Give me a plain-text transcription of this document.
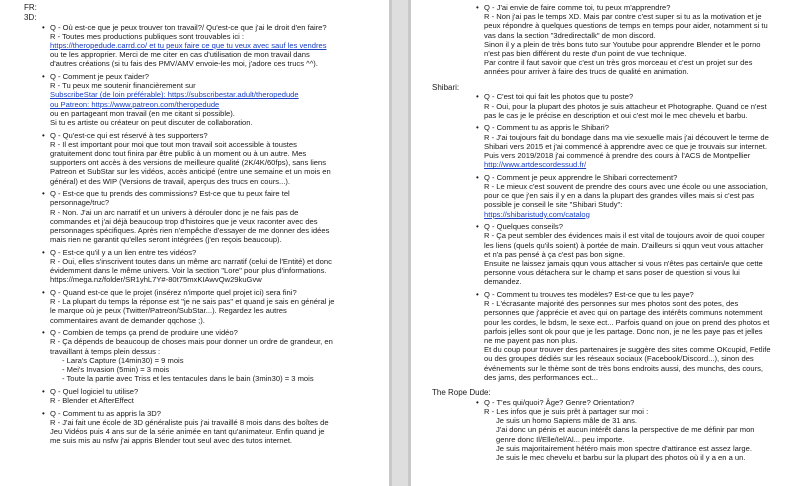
FR:
3D:
• Q - Où est-ce que je peux trouver ton travail?/ Qu'est-ce que j'ai le droit d'en faire?
R - Toutes mes productions publiques sont trouvables ici :
https://theropedude.carrd.co/ et tu peux faire ce que tu veux avec sauf les vendres
ou te les approprier. Merci de me citer en cas d'utilisation de mon travail dans
d'autres créations (si tu fais des PMV/AMV envoie-les moi, j'adore ces trucs ^^).
• Q - Comment je peux t'aider?
R - Tu peux me soutenir financièrement sur
SubscribeStar (de loin préférable): https://subscribestar.adult/theropedude
ou Patreon: https://www.patreon.com/theropedude
ou en partageant mon travail (en me citant si possible).
Si tu es artiste ou créateur on peut discuter de collaboration.
• Q - Qu'est-ce qui est réservé à tes supporters?
R - Il est important pour moi que tout mon travail soit accessible à toustes
gratuitement donc tout finira par être public à un moment ou à un autre. Mes
supporters ont accès à des versions de meilleure qualité (2K/4K/60fps), sans liens
Patreon et SubStar sur les vidéos, accès anticipé (entre une semaine et un mois en
général) et des WIP (Versions de travail, aperçus des trucs en cours...).
• Q - Est-ce que tu prends des commissions? Est-ce que tu peux faire tel
personnage/truc?
R - Non. J'ai un arc narratif et un univers à dérouler donc je ne fais pas de
commandes et j'ai déjà beaucoup trop d'histoires que je veux raconter avec des
personnages spécifiques. Après rien n'empêche d'essayer de me donner des idées
mais rien ne garantit qu'elles seront intégrées (j'en reçois beaucoup).
• Q - Est-ce qu'il y a un lien entre tes vidéos?
R - Oui, elles s'inscrivent toutes dans un même arc narratif (celui de l'Entité) et donc
évidemment dans le même univers. Voir la section "Lore" pour plus d'informations.
https://mega.nz/folder/SR1yhL7Y#-80t75mxKIAwvQw29kuGvw
• Q - Quand est-ce que le projet (insérez n'importe quel projet ici) sera fini?
R - La plupart du temps la réponse est "je ne sais pas" et quand je sais en général je
le marque où je peux (Twitter/Patreon/SubStar...). Regardez les autres
commentaires avant de demander qqchose ;).
• Q - Combien de temps ça prend de produire une vidéo?
R - Ça dépends de beaucoup de choses mais pour donner un ordre de grandeur, en
travaillant à temps plein dessus :
- Lara's Capture (14min30) = 9 mois
- Mei's Invasion (5min) = 3 mois
- Toute la partie avec Triss et les tentacules dans le bain (3min30) = 3 mois
• Q - Quel logiciel tu utilise?
R - Blender et AfterEffect
• Q - Comment tu as appris la 3D?
R - J'ai fait une école de 3D généraliste puis j'ai travaillé 8 mois dans des boîtes de
Jeu Vidéos puis 4 ans sur de la série animée en tant qu'animateur. Enfin quand je
me suis mis au nsfw j'ai appris Blender tout seul avec des tutos internet.
• Q - J'ai envie de faire comme toi, tu peux m'apprendre?
R - Non j'ai pas le temps XD. Mais par contre c'est super si tu as la motivation et je
peux répondre à quelques questions de temps en temps pour aider, notamment si tu
vas dans la section "3dredirectalk" de mon discord.
Sinon il y a plein de très bons tuto sur Youtube pour apprendre Blender et le porno
n'est pas bien différent du reste d'un point de vue technique.
Par contre il faut savoir que c'est un très gros morceau et c'est un projet sur des
années pour arriver à faire des trucs de qualité en animation.
Shibari:
• Q - C'est toi qui fait les photos que tu poste?
R - Oui, pour la plupart des photos je suis attacheur et Photographe. Quand ce n'est
pas le cas je le précise en description et oui c'est moi le mec chevelu et barbu.
• Q - Comment tu as appris le Shibari?
R - J'ai toujours fait du bondage dans ma vie sexuelle mais j'ai découvert le terme de
Shibari vers 2015 et j'ai commencé à apprendre avec ce que je trouvais sur internet.
Puis vers 2019/2018 j'ai commencé à prendre des cours à l'ACS de Montpellier
http://www.artdescordessud.fr/
• Q - Comment je peux apprendre le Shibari correctement?
R - Le mieux c'est souvent de prendre des cours avec une école ou une association,
pour ce que j'en sais il y en a dans la plupart des grandes villes mais si c'est pas
possible je conseil le site "Shibari Study":
https://shibaristudy.com/catalog
• Q - Quelques conseils?
R - Ça peut sembler des évidences mais il est vital de toujours avoir de quoi couper
les liens (quels qu'ils soient) à portée de main. D'ailleurs si qqun veut vous attacher
et n'a pas pensé à ça c'est pas bon signe.
Ensuite ne laissez jamais qqun vous attacher si vous n'êtes pas certain/e que cette
personne vous détachera sur le champ et sans poser de question si vous lui
demandez.
• Q - Comment tu trouves tes modèles? Est-ce que tu les paye?
R - L'écrasante majorité des personnes sur mes photos sont des potes, des
personnes que j'apprécie et avec qui on partage des intérêts communs notemment
pour les cordes, le bdsm, le sexe ect... Parfois quand on joue on prend des photos et
parfois jelles sont ok pour que je les partage. Donc non, je ne les paye pas et jelles
ne me payent pas non plus.
Et du coup pour trouver des partenaires je suggère des sites comme OKcupid, Fetlife
ou des groupes dédiés sur les réseaux sociaux (Facebook/Discord...), sinon des
événements sur le thème sont de très bons endroits aussi, des munchs, des cours,
des jams, des performances ect...
The Rope Dude:
• Q - T'es qui/quoi? Âge? Genre? Orientation?
R - Les infos que je suis prêt à partager sur moi :
Je suis un homo Sapiens mâle de 31 ans.
J'ai donc un pénis et aucun intérêt dans la perspective de me définir par mon
genre donc Il/Elle/Iel/Al... peu importe.
Je suis majoritairement hétéro mais mon spectre d'attirance est assez large.
Je suis le mec chevelu et barbu sur la plupart des photos où il y a en a un.
